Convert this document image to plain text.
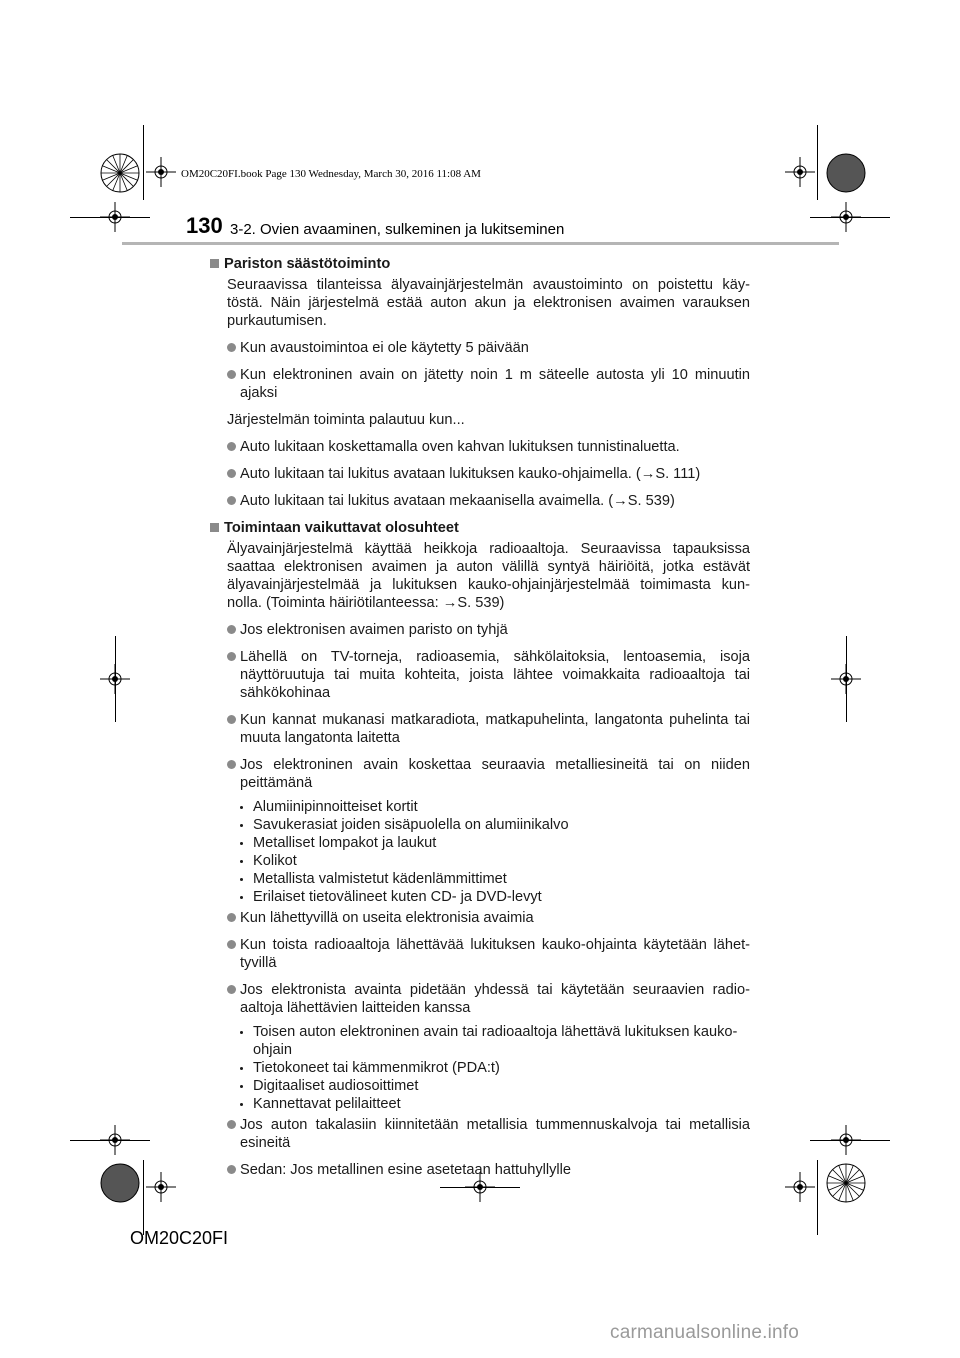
OM20C20FI.book Page 130 Wednesday, March 30, 2016 11:08 AM
130 3-2. Ovien avaaminen, sulkeminen ja lukitseminen
Pariston säästötoiminto

Seuraavissa tilanteissa älyavainjärjestelmän avaustoiminto on poistettu käy-töstä. Näin järjestelmä estää auton akun ja elektronisen avaimen varauksen purkautumisen.

Kun avaustoimintoa ei ole käytetty 5 päivään
Kun elektroninen avain on jätetty noin 1 m säteelle autosta yli 10 minuutin ajaksi

Järjestelmän toiminta palautuu kun...

Auto lukitaan koskettamalla oven kahvan lukituksen tunnistinaluetta.
Auto lukitaan tai lukitus avataan lukituksen kauko-ohjaimella. (→S. 111)
Auto lukitaan tai lukitus avataan mekaanisella avaimella. (→S. 539)
Toimintaan vaikuttavat olosuhteet

Älyavainjärjestelmä käyttää heikkoja radioaaltoja. Seuraavissa tapauksissa saattaa elektronisen avaimen ja auton välillä syntyä häiriöitä, jotka estävät älyavainjärjestelmää ja lukituksen kauko-ohjainjärjestelmää toimimasta kun-nolla. (Toiminta häiriötilanteessa: →S. 539)

Jos elektronisen avaimen paristo on tyhjä
Lähellä on TV-torneja, radioasemia, sähkölaitoksia, lentoasemia, isoja näyttöruutuja tai muita kohteita, joista lähtee voimakkaita radioaaltoja tai sähkökohinaa
Kun kannat mukanasi matkaradiota, matkapuhelinta, langatonta puhelinta tai muuta langatonta laitetta
Jos elektroninen avain koskettaa seuraavia metalliesineitä tai on niiden peittämänä
Alumiinipinnoitteiset kortit
Savukerasiat joiden sisäpuolella on alumiinikalvo
Metalliset lompakot ja laukut
Kolikot
Metallista valmistetut kädenlämmittimet
Erilaiset tietovälineet kuten CD- ja DVD-levyt
Kun lähettyvillä on useita elektronisia avaimia
Kun toista radioaaltoja lähettävää lukituksen kauko-ohjainta käytetään lähet-tyvillä
Jos elektronista avainta pidetään yhdessä tai käytetään seuraavien radio-aaltoja lähettävien laitteiden kanssa
Toisen auton elektroninen avain tai radioaaltoja lähettävä lukituksen kauko-ohjain
Tietokoneet tai kämmenmikrot (PDA:t)
Digitaaliset audiosoittimet
Kannettavat pelilaitteet
Jos auton takalasiin kiinnitetään metallisia tummennuskalvoja tai metallisia esineitä
Sedan: Jos metallinen esine asetetaan hattuhyllylle
OM20C20FI
carmanualsonline.info
